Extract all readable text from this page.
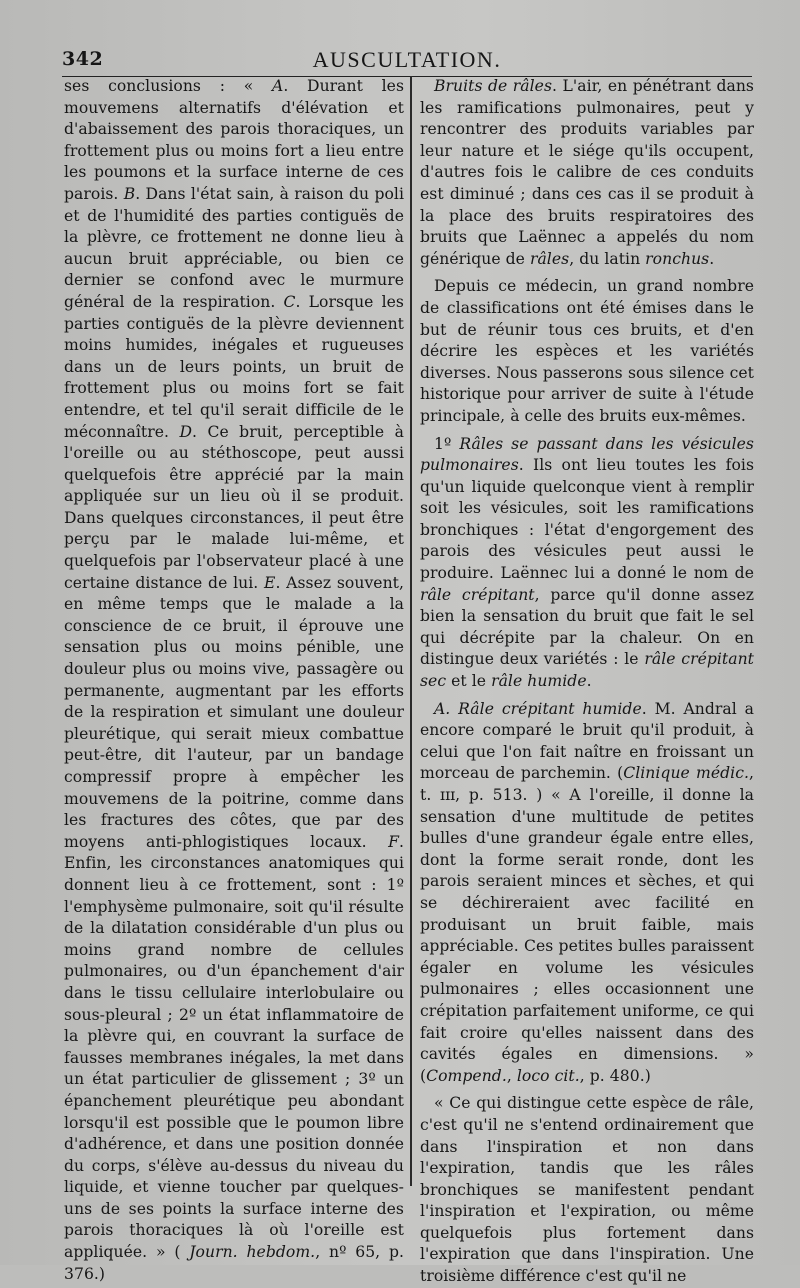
342	AUSCULTATION.

ses conclusions : « A. Durant les mouvemens alternatifs d'élévation et d'abaissement des parois thoraciques, un frottement plus ou moins fort a lieu entre les poumons et la surface interne de ces parois. B. Dans l'état sain, à raison du poli et de l'humidité des parties contiguës de la plèvre, ce frottement ne donne lieu à aucun bruit appréciable, ou bien ce dernier se confond avec le murmure général de la respiration. C. Lorsque les parties contiguës de la plèvre deviennent moins humides, inégales et rugueuses dans un de leurs points, un bruit de frottement plus ou moins fort se fait entendre, et tel qu'il serait difficile de le méconnaître. D. Ce bruit, perceptible à l'oreille ou au stéthoscope, peut aussi quelquefois être apprécié par la main appliquée sur un lieu où il se produit. Dans quelques circonstances, il peut être perçu par le malade lui-même, et quelquefois par l'observateur placé à une certaine distance de lui. E. Assez souvent, en même temps que le malade a la conscience de ce bruit, il éprouve une sensation plus ou moins pénible, une douleur plus ou moins vive, passagère ou permanente, augmentant par les efforts de la respiration et simulant une douleur pleurétique, qui serait mieux combattue peut-être, dit l'auteur, par un bandage compressif propre à empêcher les mouvemens de la poitrine, comme dans les fractures des côtes, que par des moyens anti-phlogistiques locaux. F. Enfin, les circonstances anatomiques qui donnent lieu à ce frottement, sont : 1º l'emphysème pulmonaire, soit qu'il résulte de la dilatation considérable d'un plus ou moins grand nombre de cellules pulmonaires, ou d'un épanchement d'air dans le tissu cellulaire interlobulaire ou sous-pleural ; 2º un état inflammatoire de la plèvre qui, en couvrant la surface de fausses membranes inégales, la met dans un état particulier de glissement ; 3º un épanchement pleurétique peu abondant lorsqu'il est possible que le poumon libre d'adhérence, et dans une position donnée du corps, s'élève au-dessus du niveau du liquide, et vienne toucher par quelques-uns de ses points la surface interne des parois thoraciques là où l'oreille est appliquée. » ( Journ. hebdom., nº 65, p. 376.)

Bruits de râles. L'air, en pénétrant dans les ramifications pulmonaires, peut y rencontrer des produits variables par leur nature et le siége qu'ils occupent, d'autres fois le calibre de ces conduits est diminué ; dans ces cas il se produit à la place des bruits respiratoires des bruits que Laënnec a appelés du nom générique de râles, du latin ronchus.

Depuis ce médecin, un grand nombre de classifications ont été émises dans le but de réunir tous ces bruits, et d'en décrire les espèces et les variétés diverses. Nous passerons sous silence cet historique pour arriver de suite à l'étude principale, à celle des bruits eux-mêmes.

1º Râles se passant dans les vésicules pulmonaires. Ils ont lieu toutes les fois qu'un liquide quelconque vient à remplir soit les vésicules, soit les ramifications bronchiques : l'état d'engorgement des parois des vésicules peut aussi le produire. Laënnec lui a donné le nom de râle crépitant, parce qu'il donne assez bien la sensation du bruit que fait le sel qui décrépite par la chaleur. On en distingue deux variétés : le râle crépitant sec et le râle humide.

A. Râle crépitant humide. M. Andral a encore comparé le bruit qu'il produit, à celui que l'on fait naître en froissant un morceau de parchemin. (Clinique médic., t. ɪɪɪ, p. 513. ) « A l'oreille, il donne la sensation d'une multitude de petites bulles d'une grandeur égale entre elles, dont la forme serait ronde, dont les parois seraient minces et sèches, et qui se déchireraient avec facilité en produisant un bruit faible, mais appréciable. Ces petites bulles paraissent égaler en volume les vésicules pulmonaires ; elles occasionnent une crépitation parfaitement uniforme, ce qui fait croire qu'elles naissent dans des cavités égales en dimensions. » (Compend., loco cit., p. 480.)

« Ce qui distingue cette espèce de râle, c'est qu'il ne s'entend ordinairement que dans l'inspiration et non dans l'expiration, tandis que les râles bronchiques se manifestent pendant l'inspiration et l'expiration, ou même quelquefois plus fortement dans l'expiration que dans l'inspiration. Une troisième différence c'est qu'il ne
